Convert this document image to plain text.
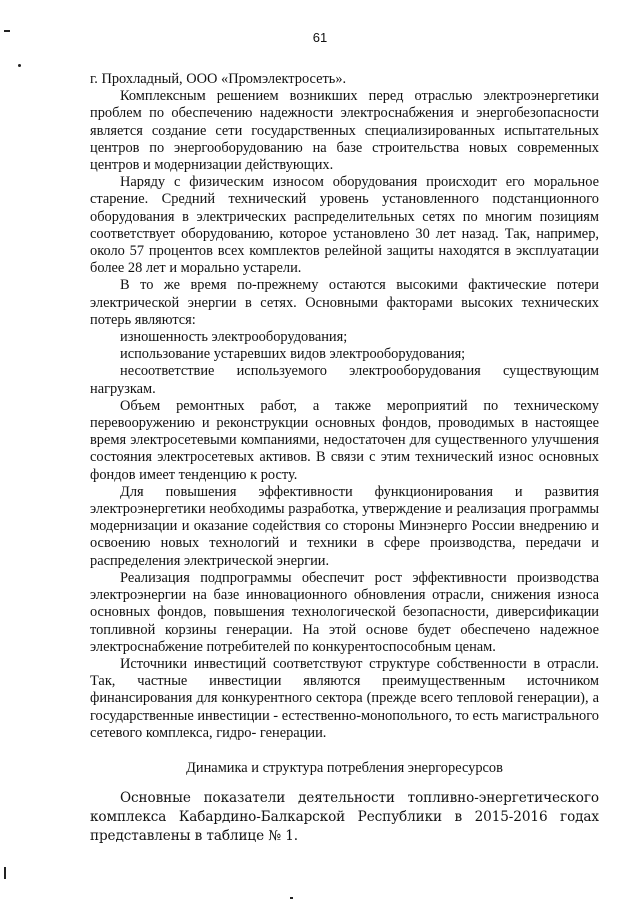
61

г. Прохладный, ООО «Промэлектросеть».

Комплексным решением возникших перед отраслью электроэнергетики проблем по обеспечению надежности электроснабжения и энергобезопасности является создание сети государственных специализированных испытательных центров по энергооборудованию на базе строительства новых современных центров и модернизации действующих.

Наряду с физическим износом оборудования происходит его моральное старение. Средний технический уровень установленного подстанционного оборудования в электрических распределительных сетях по многим позициям соответствует оборудованию, которое установлено 30 лет назад. Так, например, около 57 процентов всех комплектов релейной защиты находятся в эксплуатации более 28 лет и морально устарели.

В то же время по-прежнему остаются высокими фактические потери электрической энергии в сетях. Основными факторами высоких технических потерь являются:

изношенность электрооборудования;

использование устаревших видов электрооборудования;

несоответствие используемого электрооборудования существующим нагрузкам.

Объем ремонтных работ, а также мероприятий по техническому перевооружению и реконструкции основных фондов, проводимых в настоящее время электросетевыми компаниями, недостаточен для существенного улучшения состояния электросетевых активов. В связи с этим технический износ основных фондов имеет тенденцию к росту.

Для повышения эффективности функционирования и развития электроэнергетики необходимы разработка, утверждение и реализация программы модернизации и оказание содействия со стороны Минэнерго России внедрению и освоению новых технологий и техники в сфере производства, передачи и распределения электрической энергии.

Реализация подпрограммы обеспечит рост эффективности производства электроэнергии на базе инновационного обновления отрасли, снижения износа основных фондов, повышения технологической безопасности, диверсификации топливной корзины генерации. На этой основе будет обеспечено надежное электроснабжение потребителей по конкурентоспособным ценам.

Источники инвестиций соответствуют структуре собственности в отрасли. Так, частные инвестиции являются преимущественным источником финансирования для конкурентного сектора (прежде всего тепловой генерации), а государственные инвестиции - естественно-монопольного, то есть магистрального сетевого комплекса, гидро- генерации.

Динамика и структура потребления энергоресурсов

Основные показатели деятельности топливно-энергетического комплекса Кабардино-Балкарской Республики в 2015-2016 годах представлены в таблице № 1.
